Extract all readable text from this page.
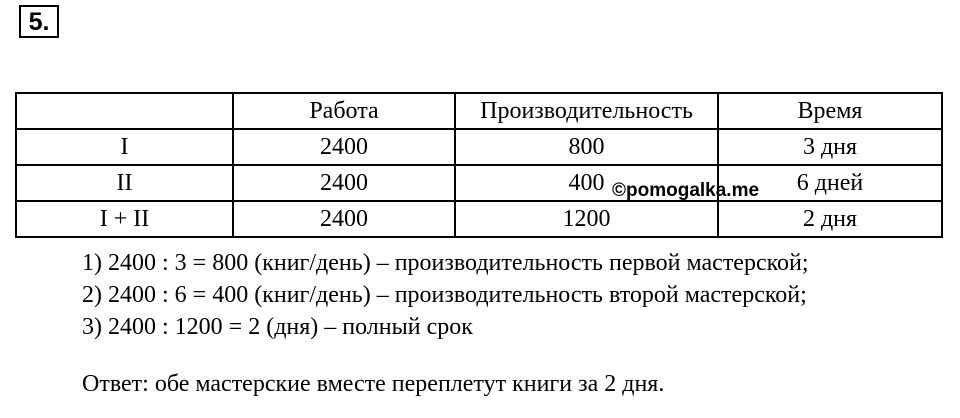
5.
	Работа	Производительность	Время
I	2400	800	3 дня
II	2400	400	6 дней
I + II	2400	1200	2 дня
©pomogalka.me
1) 2400 : 3 = 800 (книг/день) – производительность первой мастерской;
2) 2400 : 6 = 400 (книг/день) – производительность второй мастерской;
3) 2400 : 1200 = 2 (дня) – полный срок
Ответ: обе мастерские вместе переплетут книги за 2 дня.
